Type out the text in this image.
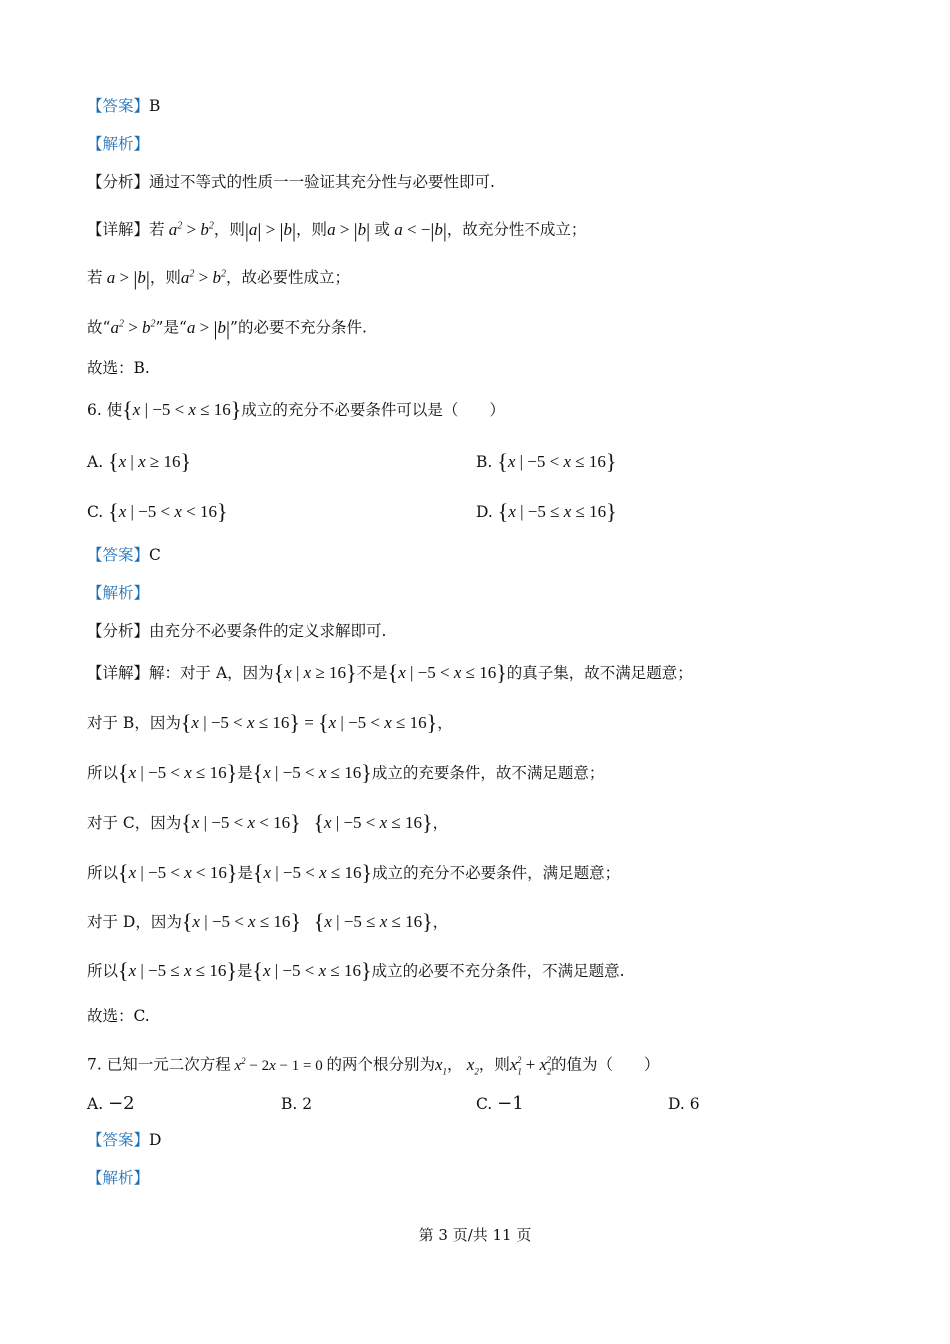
【答案】B
【解析】
【分析】通过不等式的性质一一验证其充分性与必要性即可.
【详解】若 $a^2 > b^2$，则|a| > |b|，则a > |b| 或 a < −|b|，故充分性不成立；
若 a > |b|，则$a^2 > b^2$，故必要性成立；
故“$a^2 > b^2$”是“a > |b|”的必要不充分条件.
故选：B.
6. 使{x | −5 < x ≤ 16}成立的充分不必要条件可以是（　　）
A. {x | x ≥ 16}	B. {x | −5 < x ≤ 16}
C. {x | −5 < x < 16}	D. {x | −5 ≤ x ≤ 16}
【答案】C
【解析】
【分析】由充分不必要条件的定义求解即可.
【详解】解：对于 A，因为{x | x ≥ 16}不是{x | −5 < x ≤ 16}的真子集，故不满足题意；
对于 B，因为{x | −5 < x ≤ 16} = {x | −5 < x ≤ 16}，
所以{x | −5 < x ≤ 16}是{x | −5 < x ≤ 16}成立的充要条件，故不满足题意；
对于 C，因为{x | −5 < x < 16} {x | −5 < x ≤ 16}，
所以{x | −5 < x < 16}是{x | −5 < x ≤ 16}成立的充分不必要条件，满足题意；
对于 D，因为{x | −5 < x ≤ 16} {x | −5 ≤ x ≤ 16}，
所以{x | −5 ≤ x ≤ 16}是{x | −5 < x ≤ 16}成立的必要不充分条件，不满足题意.
故选：C.
7. 已知一元二次方程 $x^2 - 2x - 1 = 0$ 的两个根分别为$x_1$， $x_2$，则$x_1^2 + x_2^2$的值为（　　）
A. −2	B. 2	C. −1	D. 6
【答案】D
【解析】
第 3 页/共 11 页
